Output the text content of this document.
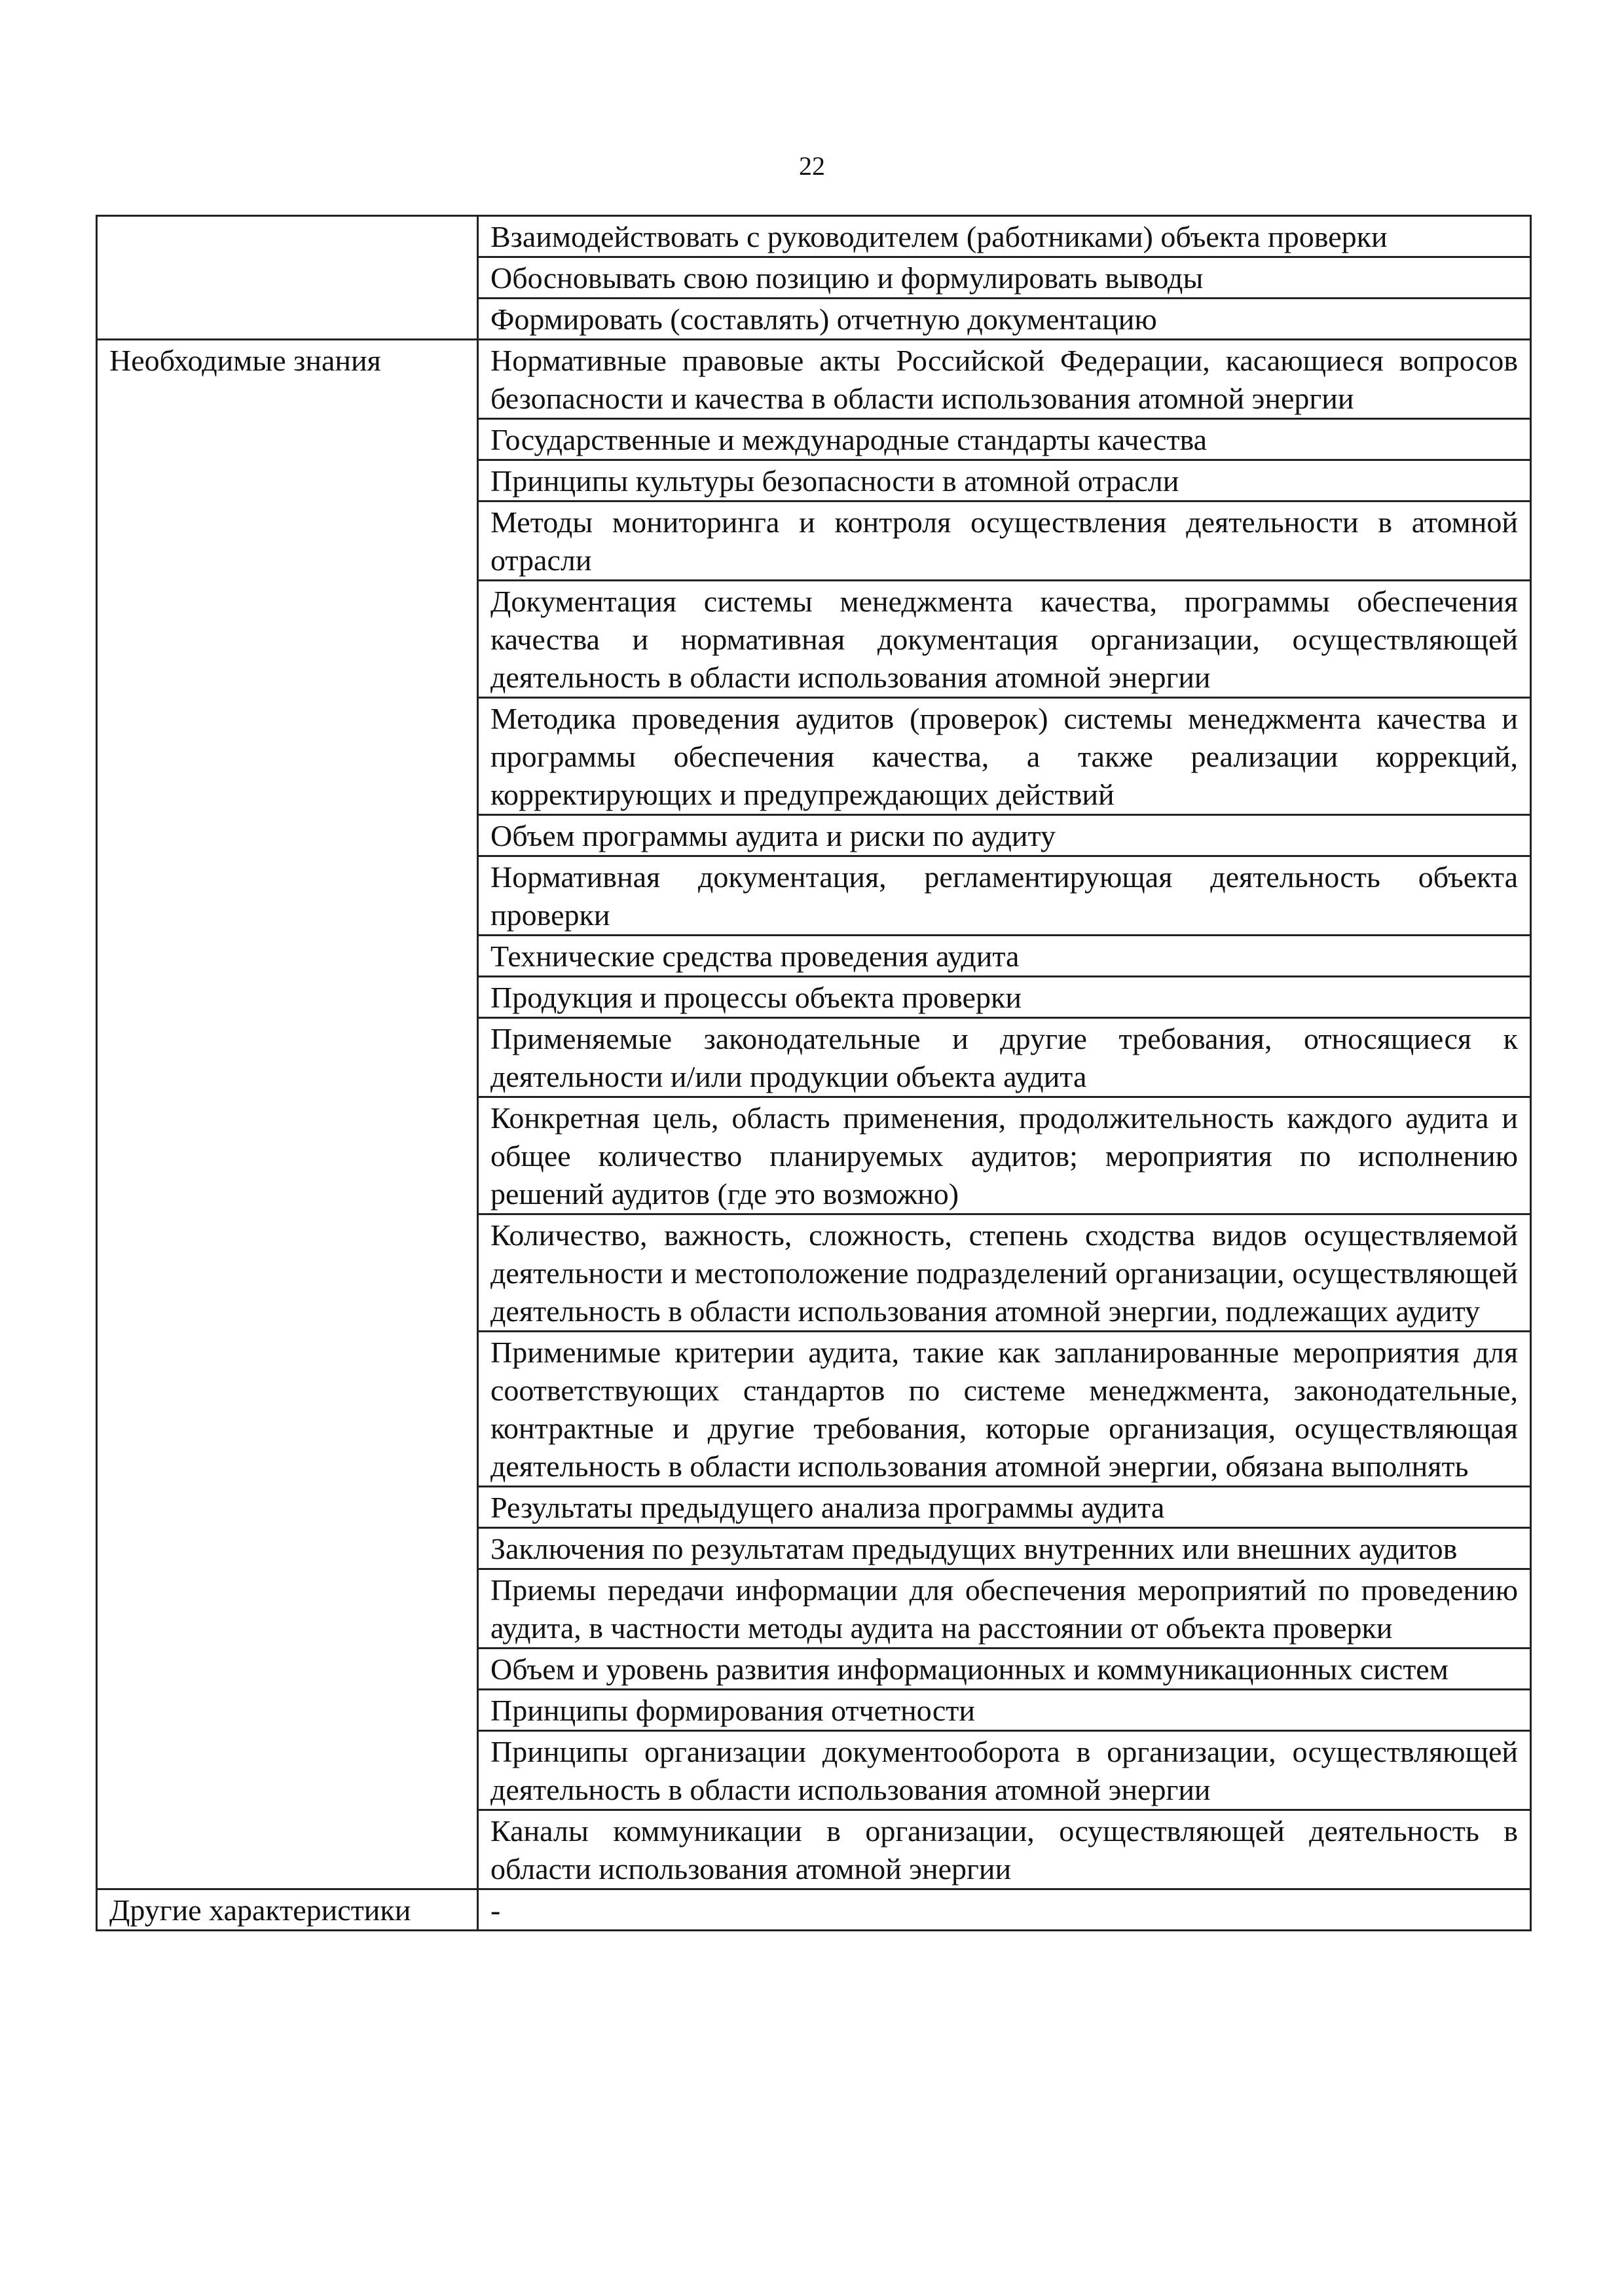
22
	Взаимодействовать с руководителем (работниками) объекта проверки
	Обосновывать свою позицию и формулировать выводы
	Формировать (составлять) отчетную документацию
Необходимые знания	Нормативные правовые акты Российской Федерации, касающиеся вопросов безопасности и качества в области использования атомной энергии
	Государственные и международные стандарты качества
	Принципы культуры безопасности в атомной отрасли
	Методы мониторинга и контроля осуществления деятельности в атомной отрасли
	Документация системы менеджмента качества, программы обеспечения качества и нормативная документация организации, осуществляющей деятельность в области использования атомной энергии
	Методика проведения аудитов (проверок) системы менеджмента качества и программы обеспечения качества, а также реализации коррекций, корректирующих и предупреждающих действий
	Объем программы аудита и риски по аудиту
	Нормативная документация, регламентирующая деятельность объекта проверки
	Технические средства проведения аудита
	Продукция и процессы объекта проверки
	Применяемые законодательные и другие требования, относящиеся к деятельности и/или продукции объекта аудита
	Конкретная цель, область применения, продолжительность каждого аудита и общее количество планируемых аудитов; мероприятия по исполнению решений аудитов (где это возможно)
	Количество, важность, сложность, степень сходства видов осуществляемой деятельности и местоположение подразделений организации, осуществляющей деятельность в области использования атомной энергии, подлежащих аудиту
	Применимые критерии аудита, такие как запланированные мероприятия для соответствующих стандартов по системе менеджмента, законодательные, контрактные и другие требования, которые организация, осуществляющая деятельность в области использования атомной энергии, обязана выполнять
	Результаты предыдущего анализа программы аудита
	Заключения по результатам предыдущих внутренних или внешних аудитов
	Приемы передачи информации для обеспечения мероприятий по проведению аудита, в частности методы аудита на расстоянии от объекта проверки
	Объем и уровень развития информационных и коммуникационных систем
	Принципы формирования отчетности
	Принципы организации документооборота в организации, осуществляющей деятельность в области использования атомной энергии
	Каналы коммуникации в организации, осуществляющей деятельность в области использования атомной энергии
Другие характеристики	-
